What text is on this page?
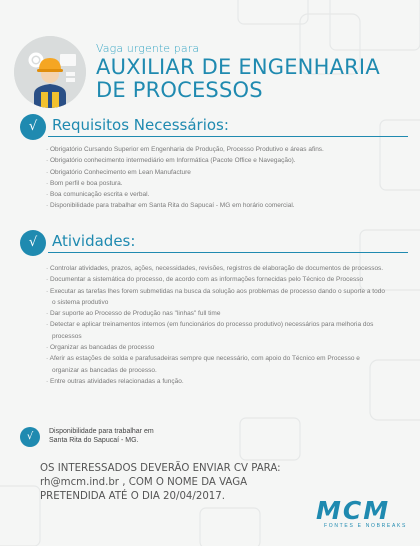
Vaga urgente para
AUXILIAR DE ENGENHARIA
DE PROCESSOS
√ Requisitos Necessários:
· Obrigatório Cursando Superior em Engenharia de Produção, Processo Produtivo e áreas afins.
· Obrigatório conhecimento intermediário em Informática (Pacote Office e Navegação).
· Obrigatório Conhecimento em Lean Manufacture
· Bom perfil e boa postura.
· Boa comunicação escrita e verbal.
· Disponibilidade para trabalhar em Santa Rita do Sapucaí - MG em horário comercial.
√ Atividades:
· Controlar atividades, prazos, ações, necessidades, revisões, registros de elaboração de documentos de processos.
· Documentar a sistemática do processo, de acordo com as informações fornecidas pelo Técnico de Processo
· Executar as tarefas lhes forem submetidas na busca da solução aos problemas de processo dando o suporte a todo o sistema produtivo
· Dar suporte ao Processo de Produção nas "linhas" full time
· Detectar e aplicar treinamentos internos (em funcionários do processo produtivo) necessários para melhoria dos processos
· Organizar as bancadas de processo
· Aferir as estações de solda e parafusadeiras sempre que necessário, com apoio do Técnico em Processo e organizar as bancadas de processo.
· Entre outras atividades relacionadas a função.
√	Disponibilidade para trabalhar em
Santa Rita do Sapucaí - MG.
OS INTERESSADOS DEVERÃO ENVIAR CV PARA:
rh@mcm.ind.br , COM O NOME DA VAGA
PRETENDIDA ATÉ O DIA 20/04/2017.	MCM
FONTES E NOBREAKS
